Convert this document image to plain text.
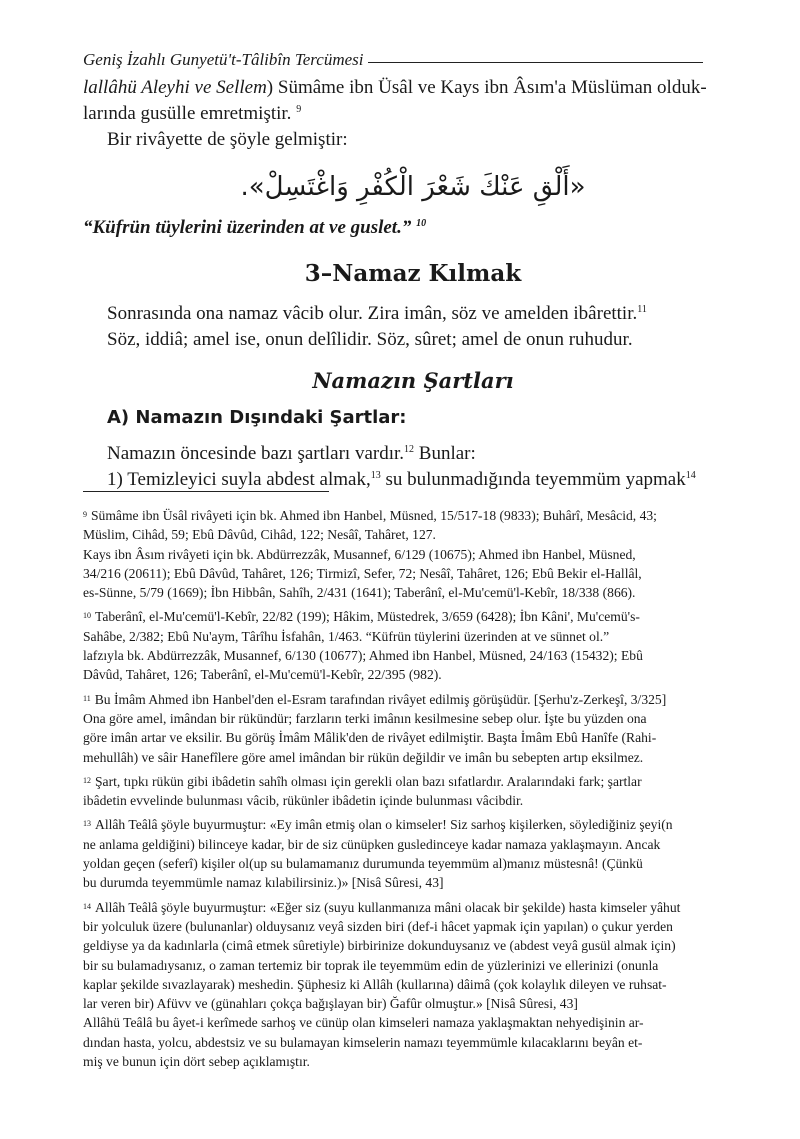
Geniş İzahlı Gunyetü't-Tâlibîn Tercümesi

lallâhü Aleyhi ve Sellem) Sümâme ibn Üsâl ve Kays ibn Âsım'a Müslüman olduk-

larında gusülle emretmiştir. $^9$

Bir rivâyette de şöyle gelmiştir:

«أَلْقِ عَنْكَ شَعْرَ الْكُفْرِ وَاغْتَسِلْ».

“Küfrün tüylerini üzerinden at ve guslet.” $^{10}$

3–Namaz Kılmak

Sonrasında ona namaz vâcib olur. Zira imân, söz ve amelden ibârettir.$^{11}$

Söz, iddiâ; amel ise, onun delîlidir. Söz, sûret; amel de onun ruhudur.

Namazın Şartları

A) Namazın Dışındaki Şartlar:

Namazın öncesinde bazı şartları vardır.$^{12}$ Bunlar:

1) Temizleyici suyla abdest almak,$^{13}$ su bulunmadığında teyemmüm yapmak$^{14}$

$^9$ Sümâme ibn Üsâl rivâyeti için bk. Ahmed ibn Hanbel, Müsned, 15/517-18 (9833); Buhârî, Mesâcid, 43;
Müslim, Cihâd, 59; Ebû Dâvûd, Cihâd, 122; Nesâî, Tahâret, 127.
Kays ibn Âsım rivâyeti için bk. Abdürrezzâk, Musannef, 6/129 (10675); Ahmed ibn Hanbel, Müsned,
34/216 (20611); Ebû Dâvûd, Tahâret, 126; Tirmizî, Sefer, 72; Nesâî, Tahâret, 126; Ebû Bekir el-Hallâl,
es-Sünne, 5/79 (1669); İbn Hibbân, Sahîh, 2/431 (1641); Taberânî, el-Mu'cemü'l-Kebîr, 18/338 (866).
$^{10}$ Taberânî, el-Mu'cemü'l-Kebîr, 22/82 (199); Hâkim, Müstedrek, 3/659 (6428); İbn Kâni', Mu'cemü's-
Sahâbe, 2/382; Ebû Nu'aym, Târîhu İsfahân, 1/463. “Küfrün tüylerini üzerinden at ve sünnet ol.”
lafzıyla bk. Abdürrezzâk, Musannef, 6/130 (10677); Ahmed ibn Hanbel, Müsned, 24/163 (15432); Ebû
Dâvûd, Tahâret, 126; Taberânî, el-Mu'cemü'l-Kebîr, 22/395 (982).
$^{11}$ Bu İmâm Ahmed ibn Hanbel'den el-Esram tarafından rivâyet edilmiş görüşüdür. [Şerhu'z-Zerkeşî, 3/325]
Ona göre amel, imândan bir rükündür; farzların terki imânın kesilmesine sebep olur. İşte bu yüzden ona
göre imân artar ve eksilir. Bu görüş İmâm Mâlik'den de rivâyet edilmiştir. Başta İmâm Ebû Hanîfe (Rahi-
mehullâh) ve sâir Hanefîlere göre amel imândan bir rükün değildir ve imân bu sebepten artıp eksilmez.
$^{12}$ Şart, tıpkı rükün gibi ibâdetin sahîh olması için gerekli olan bazı sıfatlardır. Aralarındaki fark; şartlar
ibâdetin evvelinde bulunması vâcib, rükünler ibâdetin içinde bulunması vâcibdir.
$^{13}$ Allâh Teâlâ şöyle buyurmuştur: «Ey imân etmiş olan o kimseler! Siz sarhoş kişilerken, söylediğiniz şeyi(n
ne anlama geldiğini) bilinceye kadar, bir de siz cünüpken gusledinceye kadar namaza yaklaşmayın. Ancak
yoldan geçen (seferî) kişiler ol(up su bulamamanız durumunda teyemmüm al)manız müstesnâ! (Çünkü
bu durumda teyemmümle namaz kılabilirsiniz.)» [Nisâ Sûresi, 43]
$^{14}$ Allâh Teâlâ şöyle buyurmuştur: «Eğer siz (suyu kullanmanıza mâni olacak bir şekilde) hasta kimseler yâhut
bir yolculuk üzere (bulunanlar) olduysanız veyâ sizden biri (def-i hâcet yapmak için yapılan) o çukur yerden
geldiyse ya da kadınlarla (cimâ etmek sûretiyle) birbirinize dokunduysanız ve (abdest veyâ gusül almak için)
bir su bulamadıysanız, o zaman tertemiz bir toprak ile teyemmüm edin de yüzlerinizi ve ellerinizi (onunla
kaplar şekilde sıvazlayarak) meshedin. Şüphesiz ki Allâh (kullarına) dâimâ (çok kolaylık dileyen ve ruhsat-
lar veren bir) Afüvv ve (günahları çokça bağışlayan bir) Ğafûr olmuştur.» [Nisâ Sûresi, 43]
Allâhü Teâlâ bu âyet-i kerîmede sarhoş ve cünüp olan kimseleri namaza yaklaşmaktan nehyedişinin ar-
dından hasta, yolcu, abdestsiz ve su bulamayan kimselerin namazı teyemmümle kılacaklarını beyân et-
miş ve bunun için dört sebep açıklamıştır.
